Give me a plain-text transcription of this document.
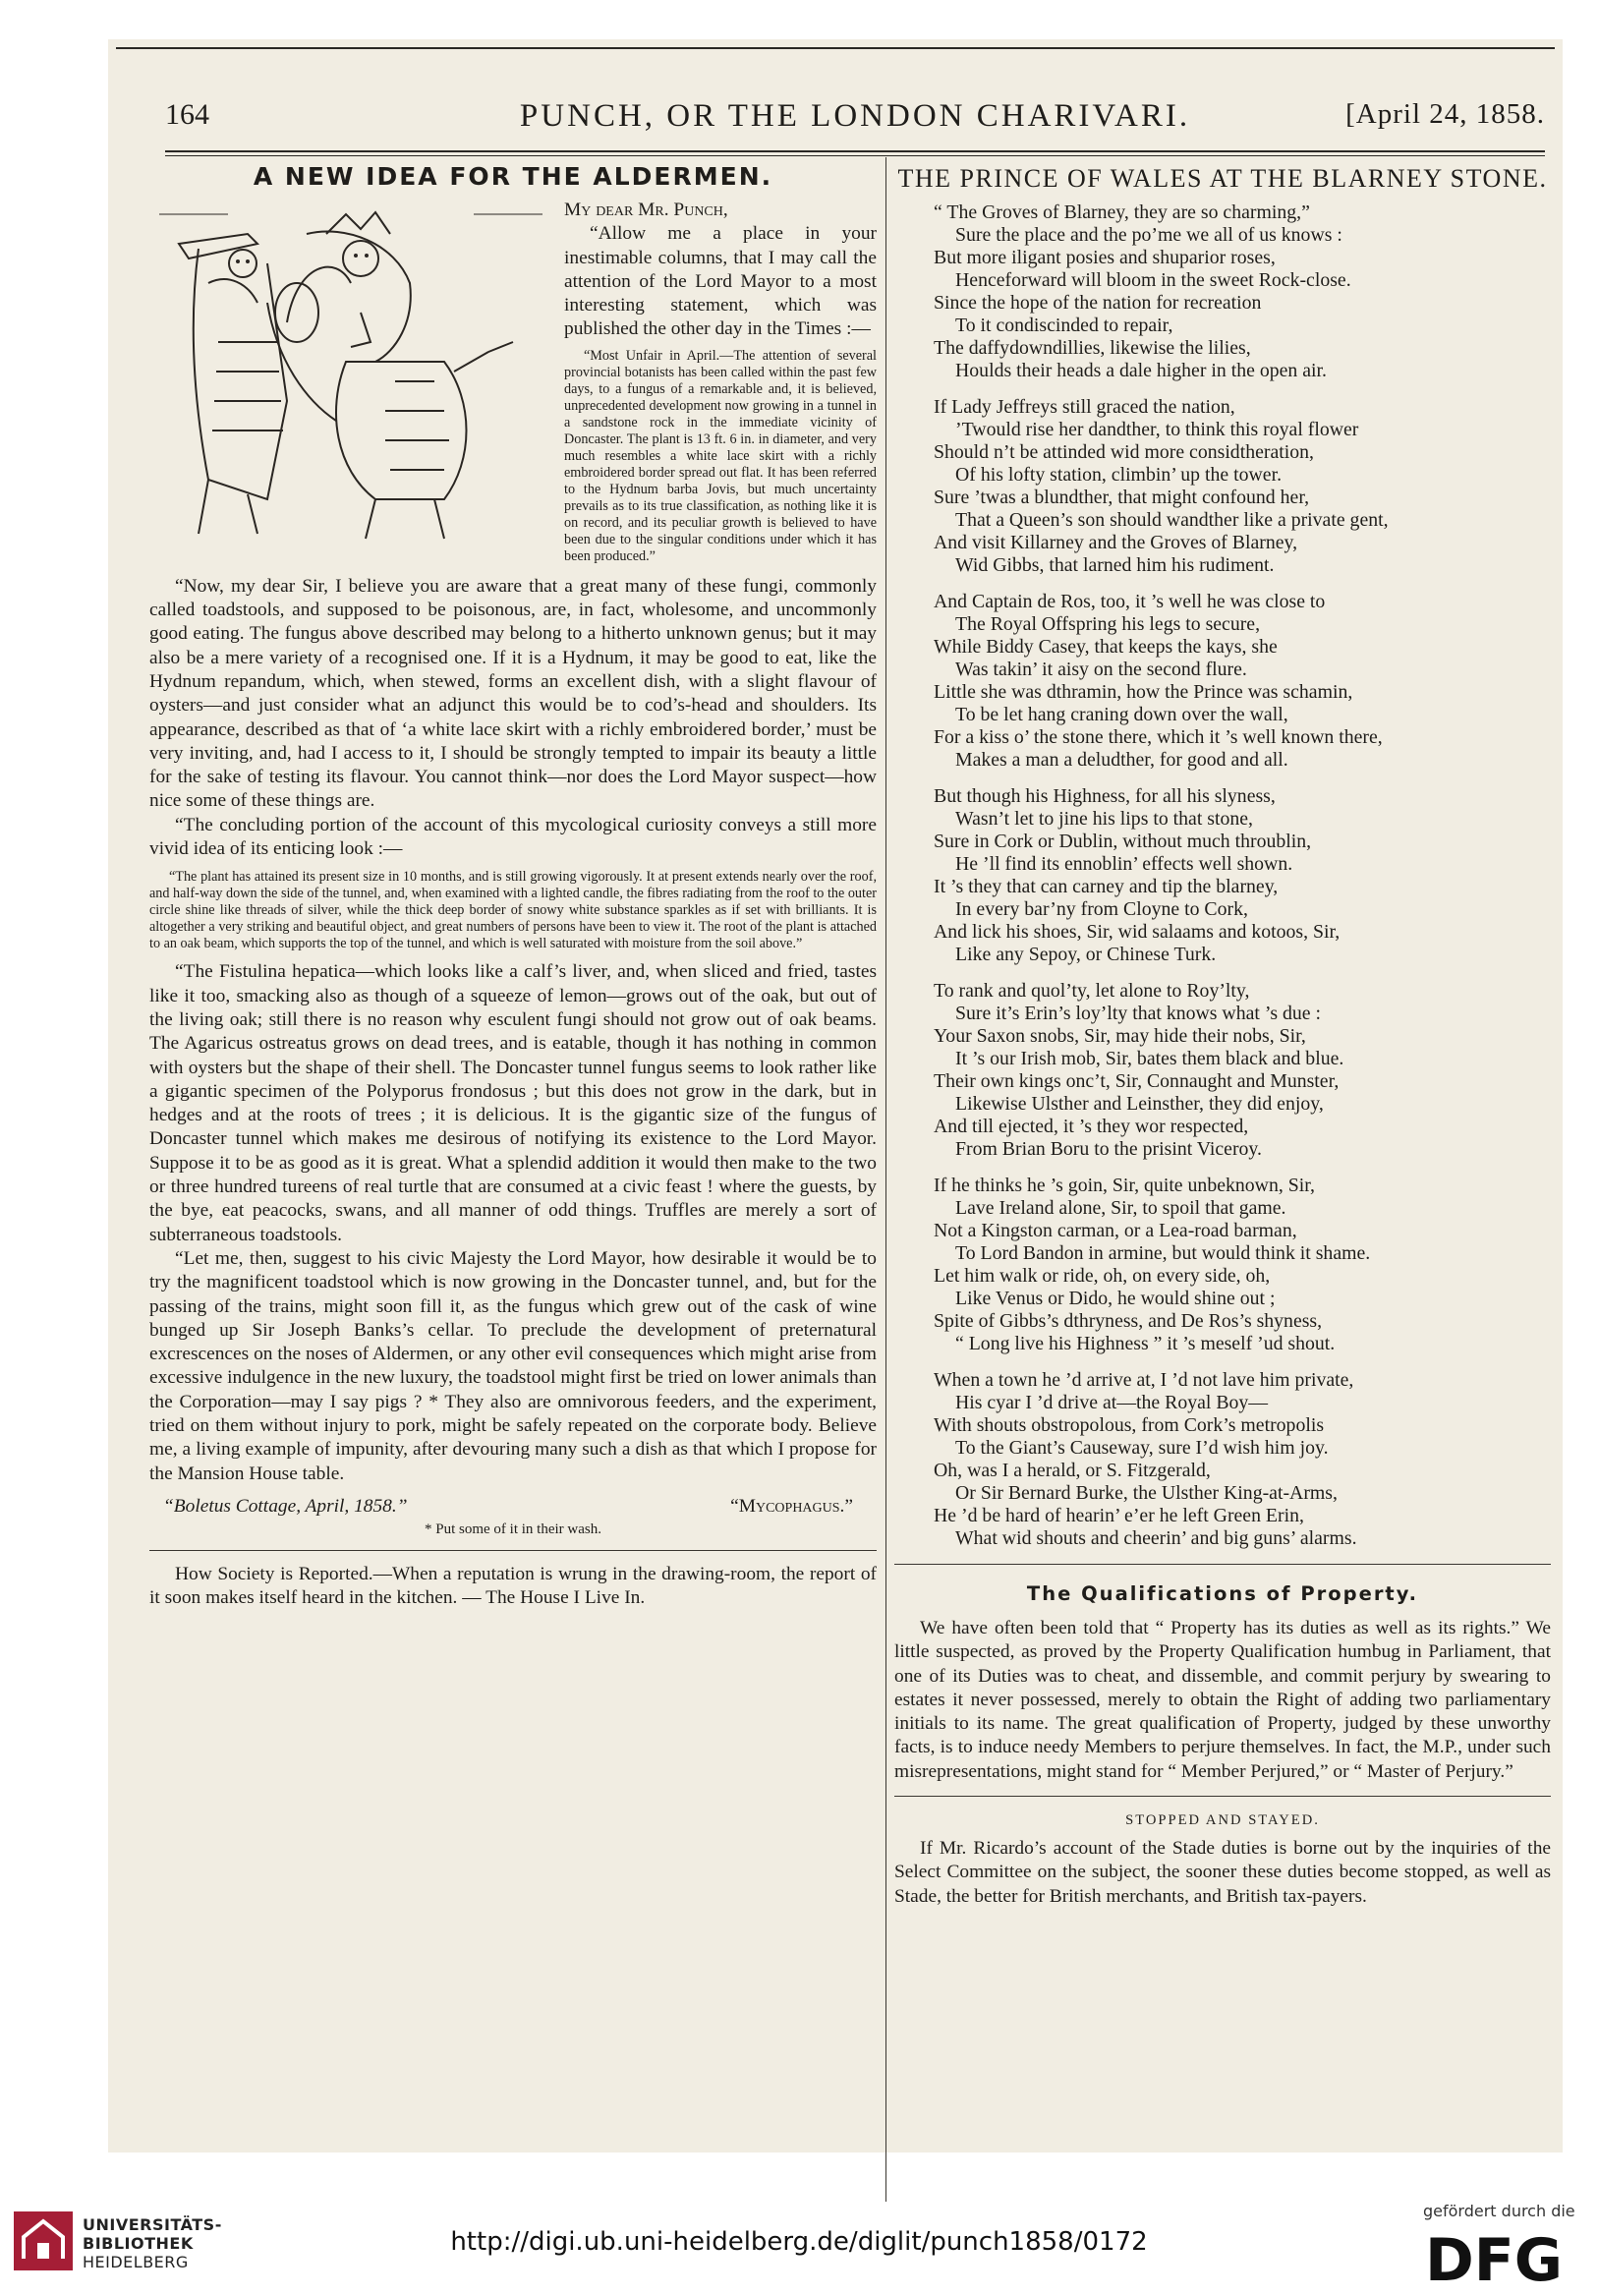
164	PUNCH, OR THE LONDON CHARIVARI.	[April 24, 1858.
A NEW IDEA FOR THE ALDERMEN.

My dear Mr. Punch,

“Allow me a place in your inestimable columns, that I may call the attention of the Lord Mayor to a most interesting statement, which was published the other day in the Times :—

“Most Unfair in April.—The attention of several provincial botanists has been called within the past few days, to a fungus of a remarkable and, it is believed, unprecedented development now growing in a tunnel in a sandstone rock in the immediate vicinity of Doncaster. The plant is 13 ft. 6 in. in diameter, and very much resembles a white lace skirt with a richly embroidered border spread out flat. It has been referred to the Hydnum barba Jovis, but much uncertainty prevails as to its true classification, as nothing like it is on record, and its peculiar growth is believed to have been due to the singular conditions under which it has been produced.”

“Now, my dear Sir, I believe you are aware that a great many of these fungi, commonly called toadstools, and supposed to be poisonous, are, in fact, wholesome, and uncommonly good eating. The fungus above described may belong to a hitherto unknown genus; but it may also be a mere variety of a recognised one. If it is a Hydnum, it may be good to eat, like the Hydnum repandum, which, when stewed, forms an excellent dish, with a slight flavour of oysters—and just consider what an adjunct this would be to cod’s-head and shoulders. Its appearance, described as that of ‘a white lace skirt with a richly embroidered border,’ must be very inviting, and, had I access to it, I should be strongly tempted to impair its beauty a little for the sake of testing its flavour. You cannot think—nor does the Lord Mayor suspect—how nice some of these things are.

“The concluding portion of the account of this mycological curiosity conveys a still more vivid idea of its enticing look :—

“The plant has attained its present size in 10 months, and is still growing vigorously. It at present extends nearly over the roof, and half-way down the side of the tunnel, and, when examined with a lighted candle, the fibres radiating from the roof to the outer circle shine like threads of silver, while the thick deep border of snowy white substance sparkles as if set with brilliants. It is altogether a very striking and beautiful object, and great numbers of persons have been to view it. The root of the plant is attached to an oak beam, which supports the top of the tunnel, and which is well saturated with moisture from the soil above.”

“The Fistulina hepatica—which looks like a calf’s liver, and, when sliced and fried, tastes like it too, smacking also as though of a squeeze of lemon—grows out of the oak, but out of the living oak; still there is no reason why esculent fungi should not grow out of oak beams. The Agaricus ostreatus grows on dead trees, and is eatable, though it has nothing in common with oysters but the shape of their shell. The Doncaster tunnel fungus seems to look rather like a gigantic specimen of the Polyporus frondosus ; but this does not grow in the dark, but in hedges and at the roots of trees ; it is delicious. It is the gigantic size of the fungus of Doncaster tunnel which makes me desirous of notifying its existence to the Lord Mayor. Suppose it to be as good as it is great. What a splendid addition it would then make to the two or three hundred tureens of real turtle that are consumed at a civic feast ! where the guests, by the bye, eat peacocks, swans, and all manner of odd things. Truffles are merely a sort of subterraneous toadstools.

“Let me, then, suggest to his civic Majesty the Lord Mayor, how desirable it would be to try the magnificent toadstool which is now growing in the Doncaster tunnel, and, but for the passing of the trains, might soon fill it, as the fungus which grew out of the cask of wine bunged up Sir Joseph Banks’s cellar. To preclude the development of preternatural excrescences on the noses of Aldermen, or any other evil consequences which might arise from excessive indulgence in the new luxury, the toadstool might first be tried on lower animals than the Corporation—may I say pigs ? * They also are omnivorous feeders, and the experiment, tried on them without injury to pork, might be safely repeated on the corporate body. Believe me, a living example of impunity, after devouring many such a dish as that which I propose for the Mansion House table.

“Boletus Cottage, April, 1858.”	“Mycophagus.”
* Put some of it in their wash.

How Society is Reported.—When a reputation is wrung in the drawing-room, the report of it soon makes itself heard in the kitchen. — The House I Live In.

THE PRINCE OF WALES AT THE BLARNEY STONE.
“ The Groves of Blarney, they are so charming,”
Sure the place and the po’me we all of us knows :
But more iligant posies and shuparior roses,
Henceforward will bloom in the sweet Rock-close.
Since the hope of the nation for recreation
To it condiscinded to repair,
The daffydowndillies, likewise the lilies,
Houlds their heads a dale higher in the open air.
If Lady Jeffreys still graced the nation,
’Twould rise her dandther, to think this royal flower
Should n’t be attinded wid more considtheration,
Of his lofty station, climbin’ up the tower.
Sure ’twas a blundther, that might confound her,
That a Queen’s son should wandther like a private gent,
And visit Killarney and the Groves of Blarney,
Wid Gibbs, that larned him his rudiment.
And Captain de Ros, too, it ’s well he was close to
The Royal Offspring his legs to secure,
While Biddy Casey, that keeps the kays, she
Was takin’ it aisy on the second flure.
Little she was dthramin, how the Prince was schamin,
To be let hang craning down over the wall,
For a kiss o’ the stone there, which it ’s well known there,
Makes a man a deludther, for good and all.
But though his Highness, for all his slyness,
Wasn’t let to jine his lips to that stone,
Sure in Cork or Dublin, without much throublin,
He ’ll find its ennoblin’ effects well shown.
It ’s they that can carney and tip the blarney,
In every bar’ny from Cloyne to Cork,
And lick his shoes, Sir, wid salaams and kotoos, Sir,
Like any Sepoy, or Chinese Turk.
To rank and quol’ty, let alone to Roy’lty,
Sure it’s Erin’s loy’lty that knows what ’s due :
Your Saxon snobs, Sir, may hide their nobs, Sir,
It ’s our Irish mob, Sir, bates them black and blue.
Their own kings onc’t, Sir, Connaught and Munster,
Likewise Ulsther and Leinsther, they did enjoy,
And till ejected, it ’s they wor respected,
From Brian Boru to the prisint Viceroy.
If he thinks he ’s goin, Sir, quite unbeknown, Sir,
Lave Ireland alone, Sir, to spoil that game.
Not a Kingston carman, or a Lea-road barman,
To Lord Bandon in armine, but would think it shame.
Let him walk or ride, oh, on every side, oh,
Like Venus or Dido, he would shine out ;
Spite of Gibbs’s dthryness, and De Ros’s shyness,
“ Long live his Highness ” it ’s meself ’ud shout.
When a town he ’d arrive at, I ’d not lave him private,
His cyar I ’d drive at—the Royal Boy—
With shouts obstropolous, from Cork’s metropolis
To the Giant’s Causeway, sure I’d wish him joy.
Oh, was I a herald, or S. Fitzgerald,
Or Sir Bernard Burke, the Ulsther King-at-Arms,
He ’d be hard of hearin’ e’er he left Green Erin,
What wid shouts and cheerin’ and big guns’ alarms.
The Qualifications of Property.

We have often been told that “ Property has its duties as well as its rights.” We little suspected, as proved by the Property Qualification humbug in Parliament, that one of its Duties was to cheat, and dissemble, and commit perjury by swearing to estates it never possessed, merely to obtain the Right of adding two parliamentary initials to its name. The great qualification of Property, judged by these unworthy facts, is to induce needy Members to perjure themselves. In fact, the M.P., under such misrepresentations, might stand for “ Member Perjured,” or “ Master of Perjury.”

STOPPED AND STAYED.

If Mr. Ricardo’s account of the Stade duties is borne out by the inquiries of the Select Committee on the subject, the sooner these duties become stopped, as well as Stade, the better for British merchants, and British tax-payers.

UNIVERSITÄTS-
BIBLIOTHEK
HEIDELBERG
http://digi.ub.uni-heidelberg.de/diglit/punch1858/0172
gefördert durch die
DFG
